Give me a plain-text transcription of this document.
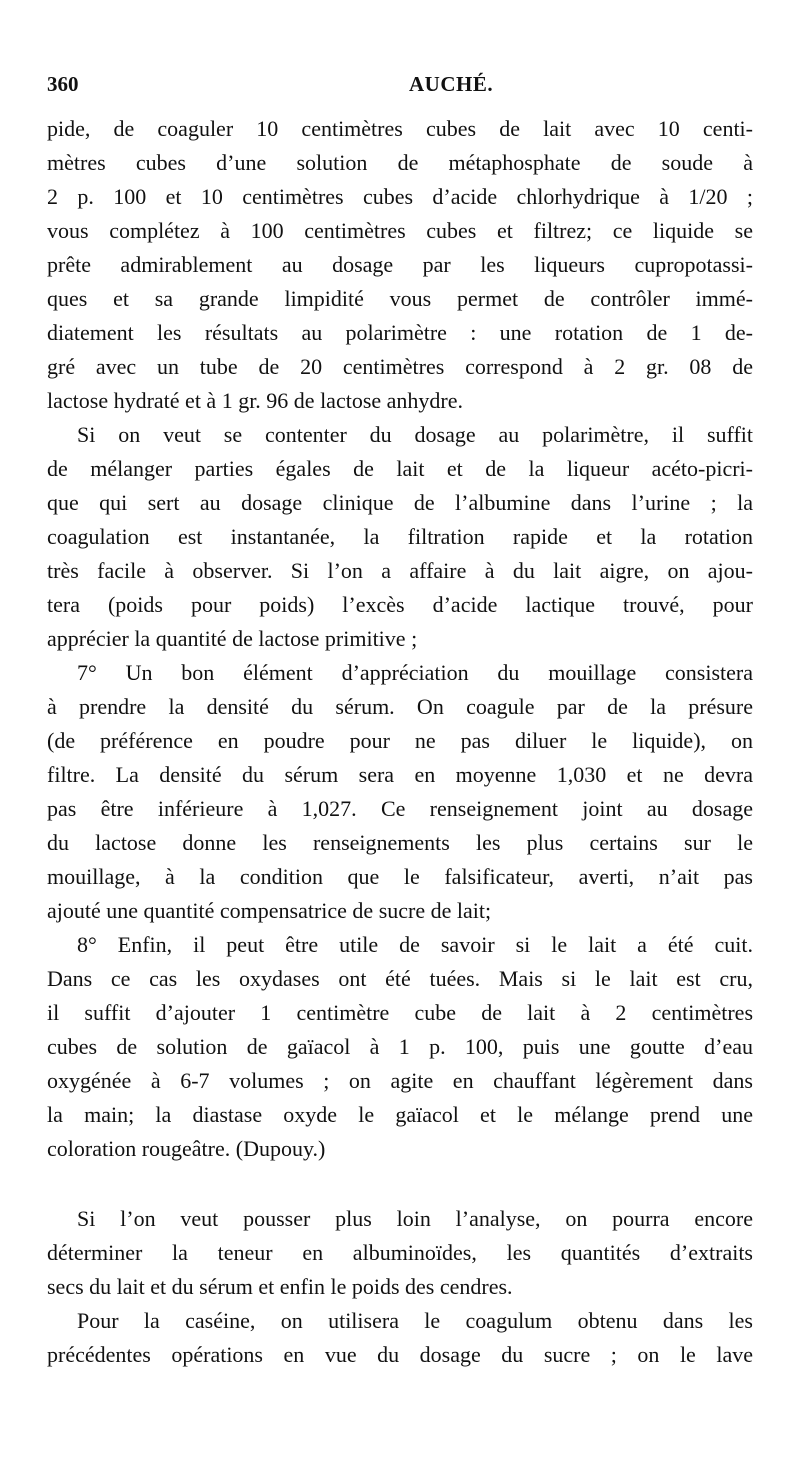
360	AUCHÉ.
pide, de coaguler 10 centimètres cubes de lait avec 10 centi-
mètres cubes d’une solution de métaphosphate de soude à
2 p. 100 et 10 centimètres cubes d’acide chlorhydrique à 1/20 ;
vous complétez à 100 centimètres cubes et filtrez; ce liquide se
prête admirablement au dosage par les liqueurs cupropotassi-
ques et sa grande limpidité vous permet de contrôler immé-
diatement les résultats au polarimètre : une rotation de 1 de-
gré avec un tube de 20 centimètres correspond à 2 gr. 08 de
lactose hydraté et à 1 gr. 96 de lactose anhydre.
Si on veut se contenter du dosage au polarimètre, il suffit
de mélanger parties égales de lait et de la liqueur acéto-picri-
que qui sert au dosage clinique de l’albumine dans l’urine ; la
coagulation est instantanée, la filtration rapide et la rotation
très facile à observer. Si l’on a affaire à du lait aigre, on ajou-
tera (poids pour poids) l’excès d’acide lactique trouvé, pour
apprécier la quantité de lactose primitive ;
7° Un bon élément d’appréciation du mouillage consistera
à prendre la densité du sérum. On coagule par de la présure
(de préférence en poudre pour ne pas diluer le liquide), on
filtre. La densité du sérum sera en moyenne 1,030 et ne devra
pas être inférieure à 1,027. Ce renseignement joint au dosage
du lactose donne les renseignements les plus certains sur le
mouillage, à la condition que le falsificateur, averti, n’ait pas
ajouté une quantité compensatrice de sucre de lait;
8° Enfin, il peut être utile de savoir si le lait a été cuit.
Dans ce cas les oxydases ont été tuées. Mais si le lait est cru,
il suffit d’ajouter 1 centimètre cube de lait à 2 centimètres
cubes de solution de gaïacol à 1 p. 100, puis une goutte d’eau
oxygénée à 6-7 volumes ; on agite en chauffant légèrement dans
la main; la diastase oxyde le gaïacol et le mélange prend une
coloration rougeâtre. (Dupouy.)
Si l’on veut pousser plus loin l’analyse, on pourra encore
déterminer la teneur en albuminoïdes, les quantités d’extraits
secs du lait et du sérum et enfin le poids des cendres.
Pour la caséine, on utilisera le coagulum obtenu dans les
précédentes opérations en vue du dosage du sucre ; on le lave
